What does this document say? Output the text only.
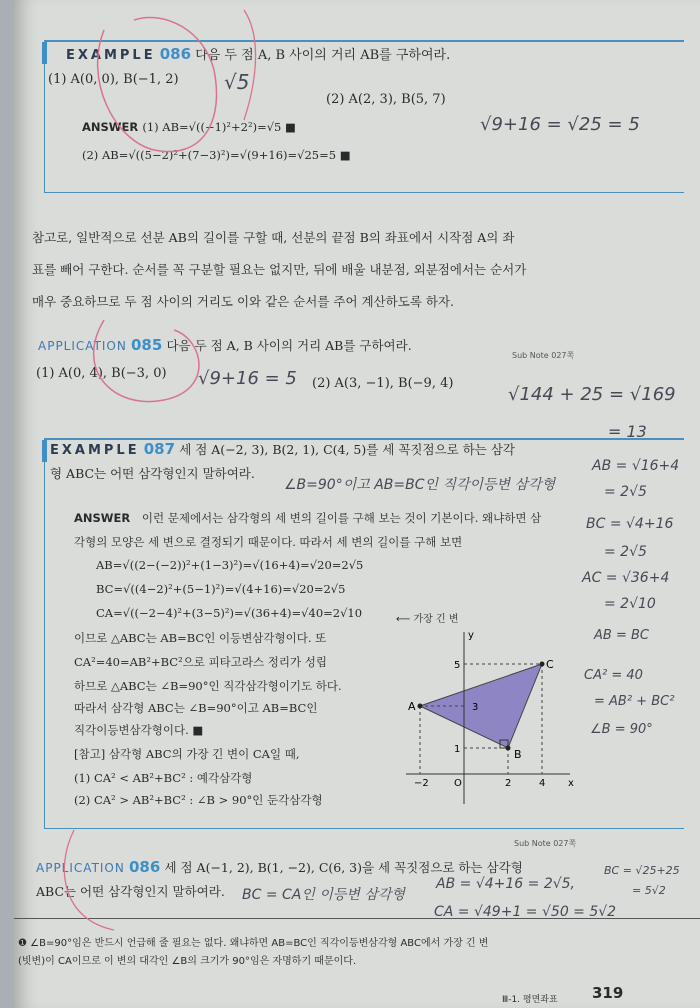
EXAMPLE 086 다음 두 점 A, B 사이의 거리 AB를 구하여라.
(1) A(0, 0), B(−1, 2)
(2) A(2, 3), B(5, 7)
ANSWER (1) AB=√((−1)²+2²)=√5 ■
(2) AB=√((5−2)²+(7−3)²)=√(9+16)=√25=5 ■
참고로, 일반적으로 선분 AB의 길이를 구할 때, 선분의 끝점 B의 좌표에서 시작점 A의 좌
표를 빼어 구한다. 순서를 꼭 구분할 필요는 없지만, 뒤에 배울 내분점, 외분점에서는 순서가
매우 중요하므로 두 점 사이의 거리도 이와 같은 순서를 주어 계산하도록 하자.
APPLICATION 085 다음 두 점 A, B 사이의 거리 AB를 구하여라.
Sub Note 027쪽
(1) A(0, 4), B(−3, 0)
(2) A(3, −1), B(−9, 4)
EXAMPLE 087 세 점 A(−2, 3), B(2, 1), C(4, 5)를 세 꼭짓점으로 하는 삼각
형 ABC는 어떤 삼각형인지 말하여라.
ANSWER 이런 문제에서는 삼각형의 세 변의 길이를 구해 보는 것이 기본이다. 왜냐하면 삼
각형의 모양은 세 변으로 결정되기 때문이다. 따라서 세 변의 길이를 구해 보면
AB=√((2−(−2))²+(1−3)²)=√(16+4)=√20=2√5
BC=√((4−2)²+(5−1)²)=√(4+16)=√20=2√5
CA=√((−2−4)²+(3−5)²)=√(36+4)=√40=2√10	⟵ 가장 긴 변
이므로 △ABC는 AB=BC인 이등변삼각형이다. 또
CA²=40=AB²+BC²으로 피타고라스 정리가 성립
하므로 △ABC는 ∠B=90°인 직각삼각형이기도 하다.
따라서 삼각형 ABC는 ∠B=90°이고 AB=BC인
직각이등변삼각형이다. ■
[참고] 삼각형 ABC의 가장 긴 변이 CA일 때,
(1) CA² < AB²+BC² : 예각삼각형
(2) CA² > AB²+BC² : ∠B > 90°인 둔각삼각형
y
x
O
−2	2	4
1
3
5
A
B
C
Sub Note 027쪽
APPLICATION 086 세 점 A(−1, 2), B(1, −2), C(6, 3)을 세 꼭짓점으로 하는 삼각형
ABC는 어떤 삼각형인지 말하여라.
❶ ∠B=90°임은 반드시 언급해 줄 필요는 없다. 왜냐하면 AB=BC인 직각이등변삼각형 ABC에서 가장 긴 변
(빗변)이 CA이므로 이 변의 대각인 ∠B의 크기가 90°임은 자명하기 때문이다.
Ⅲ-1. 평면좌표 319
√5
√9+16 = √25 = 5
√9+16 = 5
√144 + 25 = √169
= 13
∠B=90°이고 AB=BC인 직각이등변 삼각형
AB = √16+4
= 2√5
BC = √4+16
= 2√5
AC = √36+4
= 2√10
AB = BC
CA² = 40
= AB² + BC²
∠B = 90°
BC = CA인 이등변 삼각형
AB = √4+16 = 2√5,
BC = √25+25
= 5√2
CA = √49+1 = √50 = 5√2
